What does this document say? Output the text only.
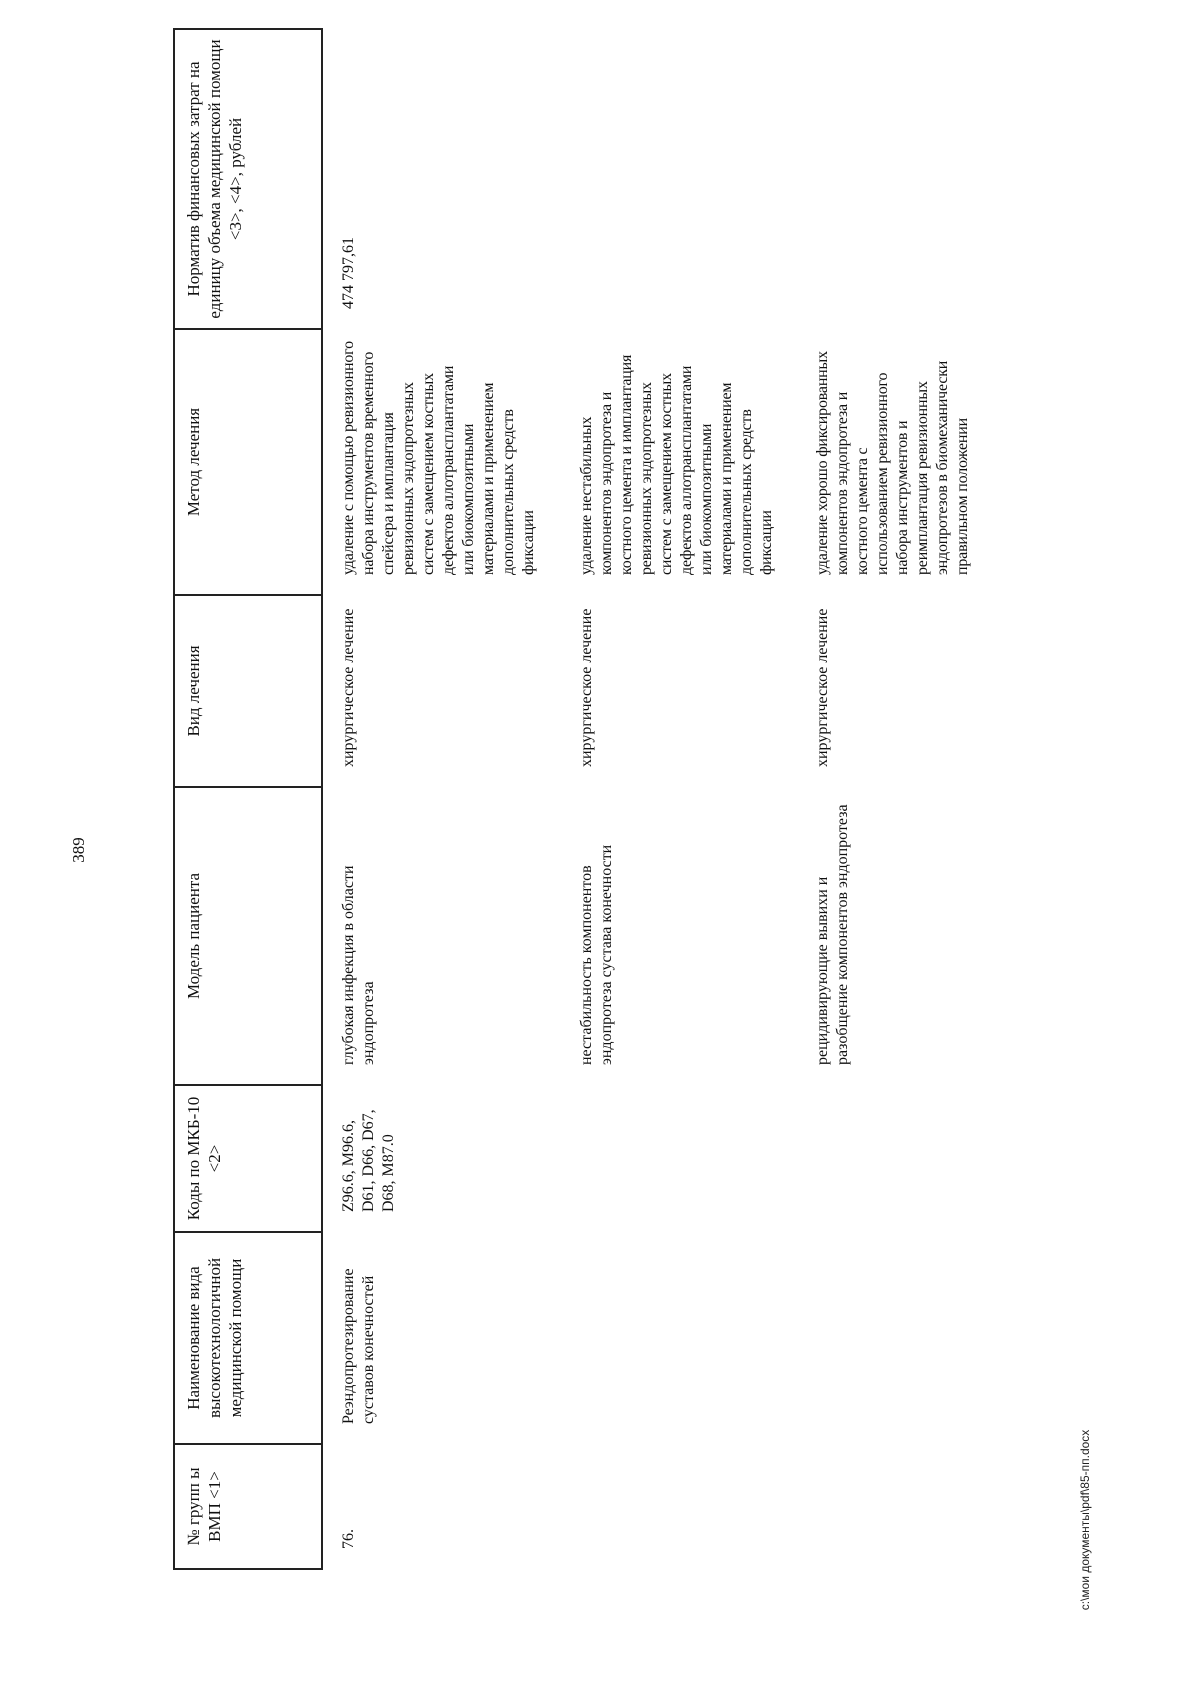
389
№ групп ы ВМП <1>	Наименование вида высокотехнологичной медицинской помощи	Коды по МКБ-10 <2>	Модель пациента	Вид лечения	Метод лечения	Норматив финансовых затрат на единицу объема медицинской помощи <3>, <4>, рублей
76.	Реэндопротезирование суставов конечностей	Z96.6, M96.6, D61, D66, D67, D68, M87.0	глубокая инфекция в области эндопротеза	хирургическое лечение	удаление с помощью ревизионного набора инструментов временного спейсера и имплантация ревизионных эндопротезных систем с замещением костных дефектов аллотрансплантатами или биокомпозитными материалами и применением дополнительных средств фиксации	474 797,61
			нестабильность компонентов эндопротеза сустава конечности	хирургическое лечение	удаление нестабильных компонентов эндопротеза и костного цемента и имплантация ревизионных эндопротезных систем с замещением костных дефектов аллотрансплантатами или биокомпозитными материалами и применением дополнительных средств фиксации	
			рецидивирующие вывихи и разобщение компонентов эндопротеза	хирургическое лечение	удаление хорошо фиксированных компонентов эндопротеза и костного цемента с использованием ревизионного набора инструментов и реимплантация ревизионных эндопротезов в биомеханически правильном положении	
c:\мои документы\pdf\85-пп.docx
